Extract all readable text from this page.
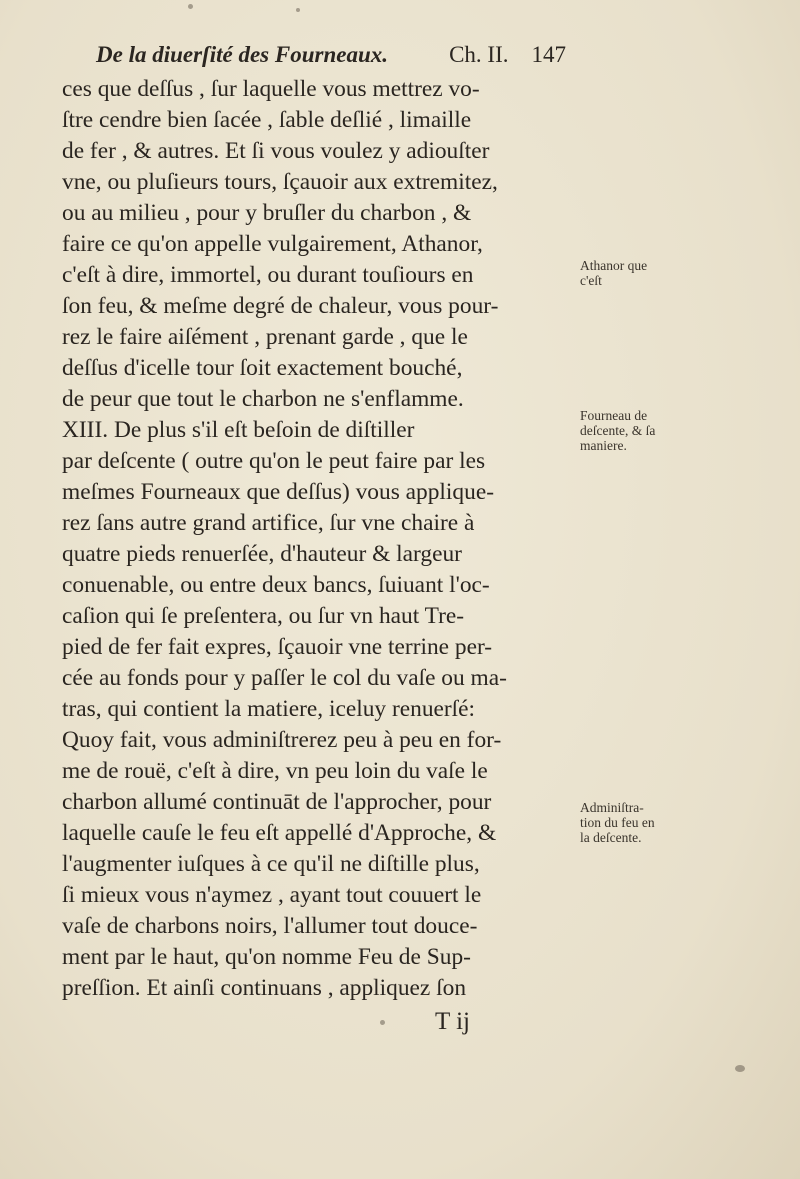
De la diuerſité des Fourneaux.	Ch. II. 147
ces que deſſus , ſur laquelle vous mettrez vo-
ſtre cendre bien ſacée , ſable deſlié , limaille
de fer , & autres. Et ſi vous voulez y adiouſter
vne, ou pluſieurs tours, ſçauoir aux extremitez,
ou au milieu , pour y bruſler du charbon , &
faire ce qu'on appelle vulgairement, Athanor,
c'eſt à dire, immortel, ou durant touſiours en
ſon feu, & meſme degré de chaleur, vous pour-
rez le faire aiſément , prenant garde , que le
deſſus d'icelle tour ſoit exactement bouché,
de peur que tout le charbon ne s'enflamme.
XIII. De plus s'il eſt beſoin de diſtiller
par deſcente ( outre qu'on le peut faire par les
meſmes Fourneaux que deſſus) vous applique-
rez ſans autre grand artifice, ſur vne chaire à
quatre pieds renuerſée, d'hauteur & largeur
conuenable, ou entre deux bancs, ſuiuant l'oc-
caſion qui ſe preſentera, ou ſur vn haut Tre-
pied de fer fait expres, ſçauoir vne terrine per-
cée au fonds pour y paſſer le col du vaſe ou ma-
tras, qui contient la matiere, iceluy renuerſé:
Quoy fait, vous adminiſtrerez peu à peu en for-
me de rouë, c'eſt à dire, vn peu loin du vaſe le
charbon allumé continuāt de l'approcher, pour
laquelle cauſe le feu eſt appellé d'Approche, &
l'augmenter iuſques à ce qu'il ne diſtille plus,
ſi mieux vous n'aymez , ayant tout couuert le
vaſe de charbons noirs, l'allumer tout douce-
ment par le haut, qu'on nomme Feu de Sup-
preſſion. Et ainſi continuans , appliquez ſon
Athanor que
c'eſt
Fourneau de
deſcente, & ſa
maniere.
Adminiſtra-
tion du feu en
la deſcente.
T ij
